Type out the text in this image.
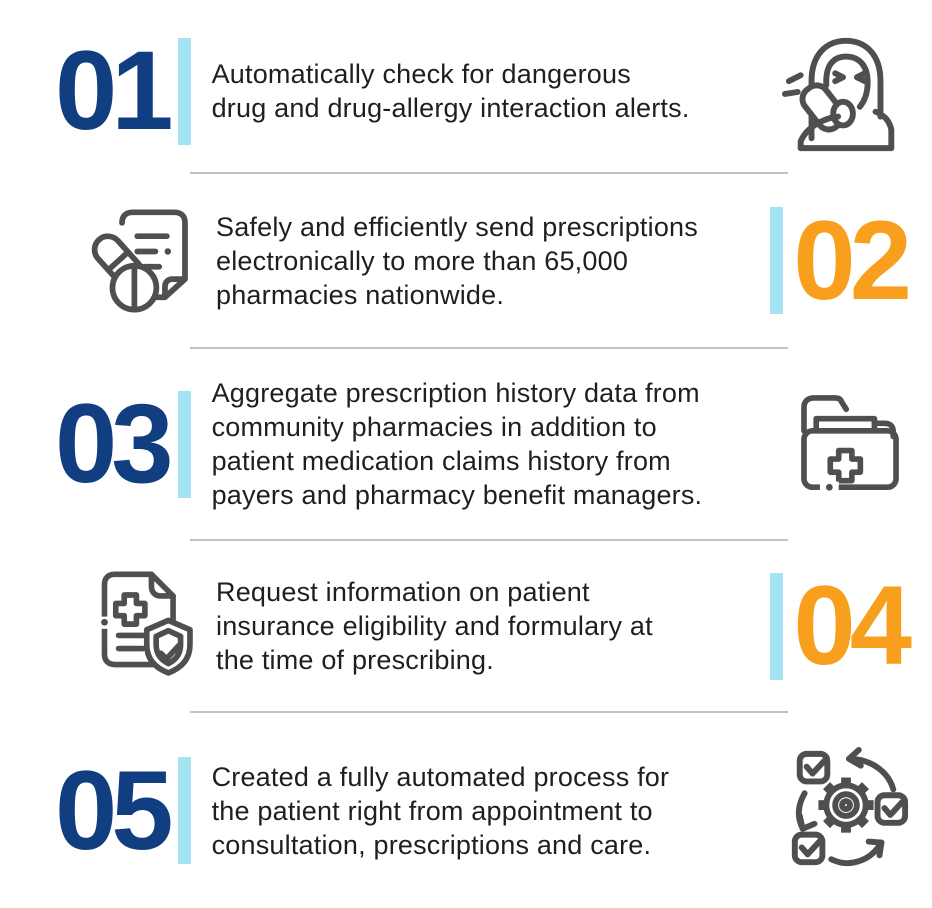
01 Automatically check for dangerous
drug and drug-allergy interaction alerts.
Safely and efficiently send prescriptions
electronically to more than 65,000
pharmacies nationwide.	02
03 Aggregate prescription history data from
community pharmacies in addition to
patient medication claims history from
payers and pharmacy benefit managers.
Request information on patient
insurance eligibility and formulary at
the time of prescribing.	04
05 Created a fully automated process for
the patient right from appointment to
consultation, prescriptions and care.
